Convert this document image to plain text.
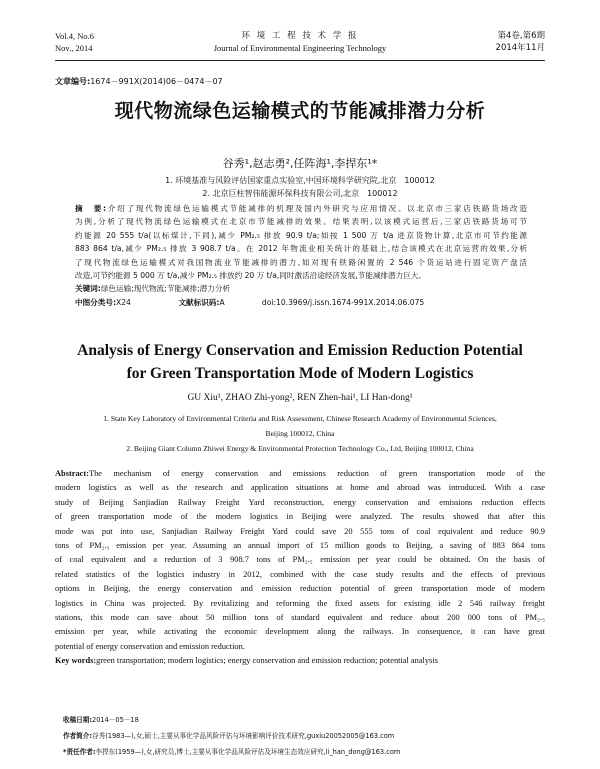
Vol.4, No.6
Nov., 2014
环 境 工 程 技 术 学 报
Journal of Environmental Engineering Technology
第4卷,第6期
2014年11月
文章编号:1674－991X(2014)06－0474－07
现代物流绿色运输模式的节能减排潜力分析
谷秀¹,赵志勇²,任阵海¹,李捍东¹*
1. 环境基准与风险评估国家重点实验室,中国环境科学研究院,北京　100012
2. 北京巨柱智伟能源环保科技有限公司,北京　100012
摘　要:介绍了现代物流绿色运输模式节能减排的机理及国内外研究与应用情况。以北京市三家店铁路货场改造
为例,分析了现代物流绿色运输模式在北京市节能减排的效果。结果表明,以该模式运营后,三家店铁路货场可节
约能源 20 555 t/a(以标煤计,下同),减少 PM₂.₅ 排放 90.9 t/a;如按 1 500 万 t/a 进京货物计算,北京市可节约能源
883 864 t/a,减少 PM₂.₅ 排放 3 908.7 t/a。在 2012 年物流业相关统计的基础上,结合该模式在北京运营的效果,分析
了现代物流绿色运输模式对我国物流业节能减排的潜力,如对现有铁路闲置的 2 546 个货运站进行固定资产盘活
改造,可节约能源 5 000 万 t/a,减少 PM₂.₅ 排放约 20 万 t/a,同时激活沿途经济发展,节能减排潜力巨大。
关键词:绿色运输;现代物流;节能减排;潜力分析
中图分类号:X24	文献标识码:A	doi:10.3969/j.issn.1674-991X.2014.06.075
Analysis of Energy Conservation and Emission Reduction Potential
for Green Transportation Mode of Modern Logistics
GU Xiu¹, ZHAO Zhi-yong², REN Zhen-hai¹, LI Han-dong¹
1. State Key Laboratory of Environmental Criteria and Risk Assessment, Chinese Research Academy of Environmental Sciences,
Beijing 100012, China
2. Beijing Giant Column Zhiwei Energy & Environmental Protection Technology Co., Ltd, Beijing 100012, China
Abstract:The mechanism of energy conservation and emissions reduction of green transportation mode of the
modern logistics as well as the research and application situations at home and abroad was introduced. With a case
study of Beijing Sanjiadian Railway Freight Yard reconstruction, energy conservation and emissions reduction effects
of green transportation mode of the modern logistics in Beijing were analyzed. The results showed that after this
mode was put into use, Sanjiadian Railway Freight Yard could save 20 555 tons of coal equivalent and reduce 90.9
tons of PM₂.₅ emission per year. Assuming an annual import of 15 million goods to Beijing, a saving of 883 864 tons
of coal equivalent and a reduction of 3 908.7 tons of PM₂.₅ emission per year could be obtained. On the basis of
related statistics of the logistics industry in 2012, combined with the case study results and the effects of previous
options in Beijing, the energy conservation and emission reduction potential of green transportation mode of modern
logistics in China was projected. By revitalizing and reforming the fixed assets for existing idle 2 546 railway freight
stations, this mode can save about 50 million tons of standard equivalent and reduce about 200 000 tons of PM₂.₅
emission per year, while activating the economic development along the railways. In consequence, it can have great
potential of energy conservation and emission reduction.
Key words:green transportation; modern logistics; energy conservation and emission reduction; potential analysis
收稿日期:2014－05－18
作者简介:谷秀(1983—),女,硕士,主要从事化学品风险评估与环境影响评价技术研究,guxiu20052005@163.com
*责任作者:李捍东(1959—),女,研究员,博士,主要从事化学品风险评估及环境生态效应研究,li_han_dong@163.com
